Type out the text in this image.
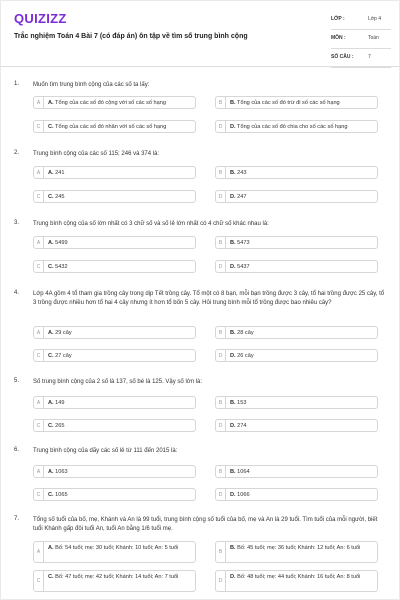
QUIZIZZ
Trắc nghiệm Toán 4 Bài 7 (có đáp án) ôn tập về tìm số trung bình cộng
LỚP :	Lớp 4
MÔN :	Toán
SỐ CÂU :	7
1. Muốn tìm trung bình cộng của các số ta lấy:
A	A. Tổng của các số đó cộng với số các số hạng	B	B. Tổng của các số đó trừ đi số các số hạng
C	C. Tổng của các số đó nhân với số các số hạng	D	D. Tổng của các số đó chia cho số các số hạng
2. Trung bình cộng của các số 115; 246 và 374 là:
A	A. 241	B	B. 243
C	C. 245	D	D. 247
3. Trung bình cộng của số lớn nhất có 3 chữ số và số lẻ lớn nhất có 4 chữ số khác nhau là:
A	A. 5499	B	B. 5473
C	C. 5432	D	D. 5437
4. Lớp 4A gồm 4 tổ tham gia trồng cây trong dịp Tết trồng cây. Tổ một có 8 bạn, mỗi bạn trồng được 3 cây, tổ hai trồng được 25 cây, tổ 3 trồng được nhiều hơn tổ hai 4 cây nhưng ít hơn tổ bốn 5 cây. Hỏi trung bình mỗi tổ trồng được bao nhiêu cây?
A	A. 29 cây	B	B. 28 cây
C	C. 27 cây	D	D. 26 cây
5. Số trung bình cộng của 2 số là 137, số bé là 125. Vậy số lớn là:
A	A. 149	B	B. 153
C	C. 265	D	D. 274
6. Trung bình cộng của dãy các số lẻ từ 111 đến 2015 là:
A	A. 1063	B	B. 1064
C	C. 1065	D	D. 1066
7. Tổng số tuổi của bố, mẹ, Khánh và An là 99 tuổi, trung bình cộng số tuổi của bố, mẹ và An là 29 tuổi. Tìm tuổi của mỗi người, biết tuổi Khánh gấp đôi tuổi An, tuổi An bằng 1/6 tuổi mẹ.
A
A. Bố: 54 tuổi; mẹ: 30 tuổi; Khánh: 10 tuổi; An: 5 tuổi
B
B. Bố: 45 tuổi; mẹ: 36 tuổi; Khánh: 12 tuổi; An: 6 tuổi
C
C. Bố: 47 tuổi; mẹ: 42 tuổi; Khánh: 14 tuổi; An: 7 tuổi
D
D. Bố: 48 tuổi; mẹ: 44 tuổi; Khánh: 16 tuổi; An: 8 tuổi
